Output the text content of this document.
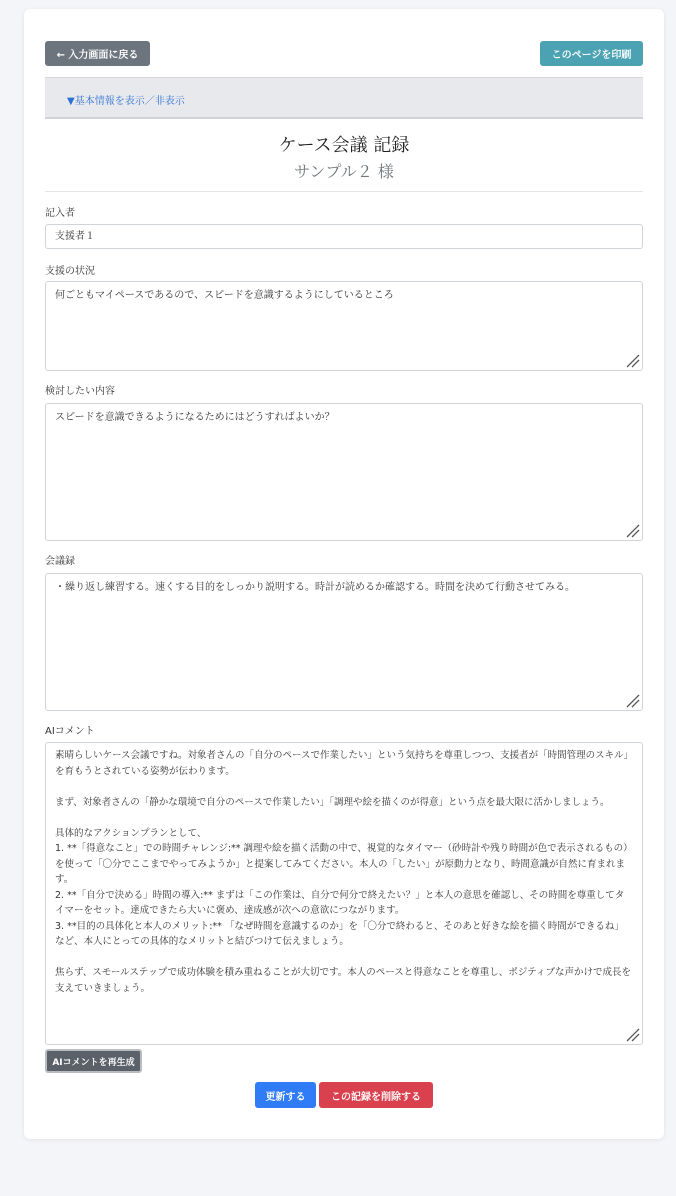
← 入力画面に戻る	このページを印刷
▼基本情報を表示／非表示
ケース会議 記録
サンプル２ 様
記入者
支援者１
支援の状況
何ごともマイペースであるので、スピードを意識するようにしているところ
検討したい内容
スピードを意識できるようになるためにはどうすればよいか？
会議録
・繰り返し練習する。速くする目的をしっかり説明する。時計が読めるか確認する。時間を決めて行動させてみる。
AIコメント
素晴らしいケース会議ですね。対象者さんの「自分のペースで作業したい」という気持ちを尊重しつつ、支援者が「時間管理のスキル」を育もうとされている姿勢が伝わります。

まず、対象者さんの「静かな環境で自分のペースで作業したい」「調理や絵を描くのが得意」という点を最大限に活かしましょう。

具体的なアクションプランとして、
1. **「得意なこと」での時間チャレンジ:** 調理や絵を描く活動の中で、視覚的なタイマー（砂時計や残り時間が色で表示されるもの）を使って「〇分でここまでやってみようか」と提案してみてください。本人の「したい」が原動力となり、時間意識が自然に育まれます。
2. **「自分で決める」時間の導入:** まずは「この作業は、自分で何分で終えたい？」と本人の意思を確認し、その時間を尊重してタイマーをセット。達成できたら大いに褒め、達成感が次への意欲につながります。
3. **目的の具体化と本人のメリット:** 「なぜ時間を意識するのか」を「〇分で終わると、そのあと好きな絵を描く時間ができるね」など、本人にとっての具体的なメリットと結びつけて伝えましょう。

焦らず、スモールステップで成功体験を積み重ねることが大切です。本人のペースと得意なことを尊重し、ポジティブな声かけで成長を支えていきましょう。
AIコメントを再生成
更新する	この記録を削除する
